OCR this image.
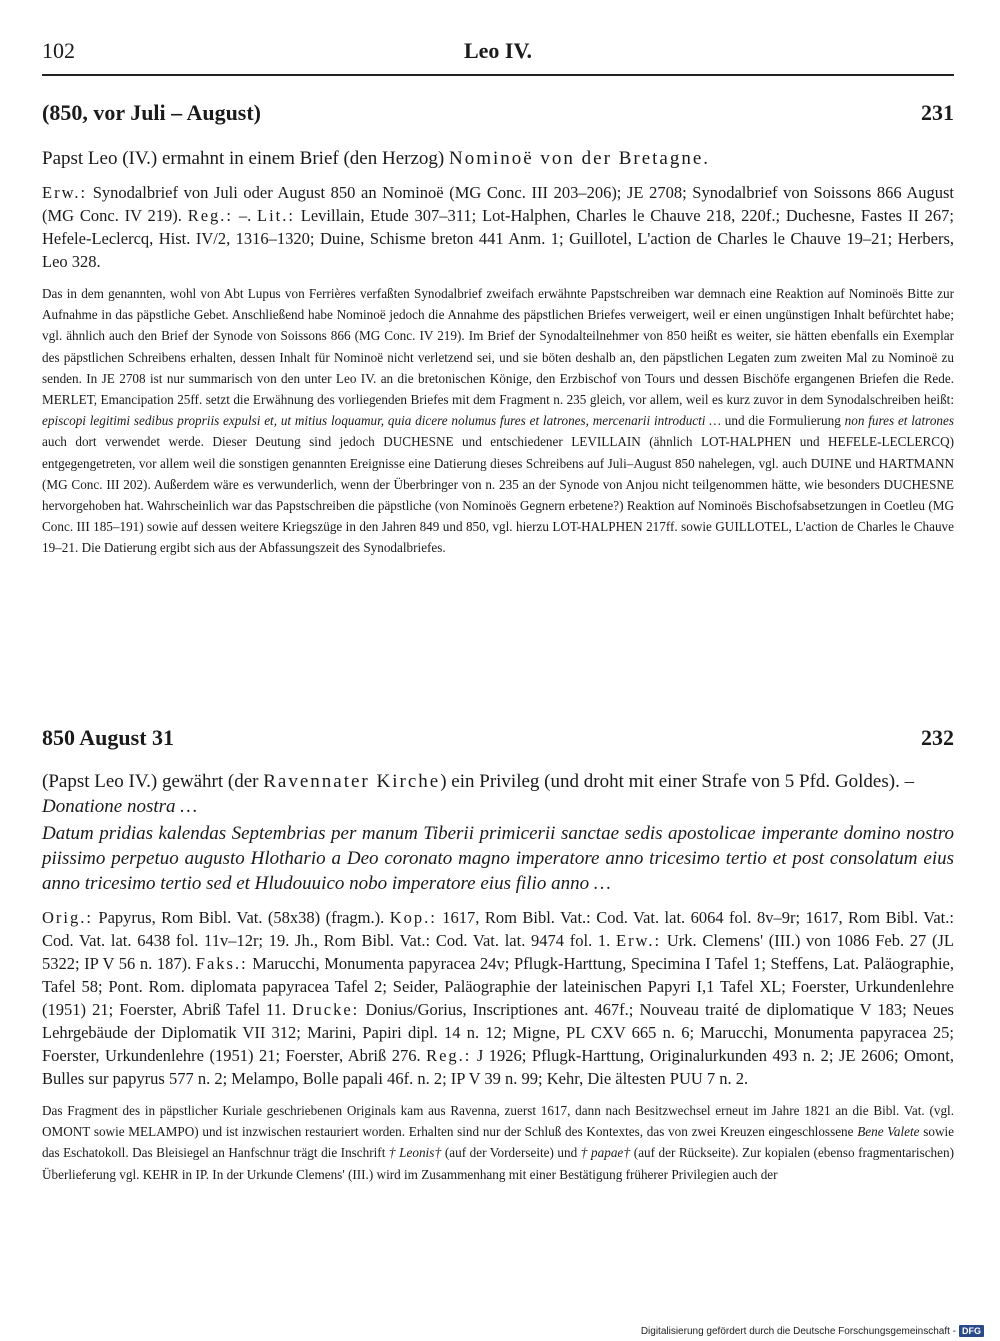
102	Leo IV.
(850, vor Juli – August)	231

Papst Leo (IV.) ermahnt in einem Brief (den Herzog) Nominoë von der Bretagne.

Erw.: Synodalbrief von Juli oder August 850 an Nominoë (MG Conc. III 203–206); JE 2708; Synodalbrief von Soissons 866 August (MG Conc. IV 219). Reg.: –. Lit.: Levillain, Etude 307–311; Lot-Halphen, Charles le Chauve 218, 220f.; Duchesne, Fastes II 267; Hefele-Leclercq, Hist. IV/2, 1316–1320; Duine, Schisme breton 441 Anm. 1; Guillotel, L'action de Charles le Chauve 19–21; Herbers, Leo 328.

Das in dem genannten, wohl von Abt Lupus von Ferrières verfaßten Synodalbrief zweifach erwähnte Papstschreiben war demnach eine Reaktion auf Nominoës Bitte zur Aufnahme in das päpstliche Gebet. Anschließend habe Nominoë jedoch die Annahme des päpstlichen Briefes verweigert, weil er einen ungünstigen Inhalt befürchtet habe; vgl. ähnlich auch den Brief der Synode von Soissons 866 (MG Conc. IV 219). Im Brief der Synodalteilnehmer von 850 heißt es weiter, sie hätten ebenfalls ein Exemplar des päpstlichen Schreibens erhalten, dessen Inhalt für Nominoë nicht verletzend sei, und sie böten deshalb an, den päpstlichen Legaten zum zweiten Mal zu Nominoë zu senden. In JE 2708 ist nur summarisch von den unter Leo IV. an die bretonischen Könige, den Erzbischof von Tours und dessen Bischöfe ergangenen Briefen die Rede. MERLET, Emancipation 25ff. setzt die Erwähnung des vorliegenden Briefes mit dem Fragment n. 235 gleich, vor allem, weil es kurz zuvor in dem Synodalschreiben heißt: episcopi legitimi sedibus propriis expulsi et, ut mitius loquamur, quia dicere nolumus fures et latrones, mercenarii introducti … und die Formulierung non fures et latrones auch dort verwendet werde. Dieser Deutung sind jedoch DUCHESNE und entschiedener LEVILLAIN (ähnlich LOT-HALPHEN und HEFELE-LECLERCQ) entgegengetreten, vor allem weil die sonstigen genannten Ereignisse eine Datierung dieses Schreibens auf Juli–August 850 nahelegen, vgl. auch DUINE und HARTMANN (MG Conc. III 202). Außerdem wäre es verwunderlich, wenn der Überbringer von n. 235 an der Synode von Anjou nicht teilgenommen hätte, wie besonders DUCHESNE hervorgehoben hat. Wahrscheinlich war das Papstschreiben die päpstliche (von Nominoës Gegnern erbetene?) Reaktion auf Nominoës Bischofsabsetzungen in Coetleu (MG Conc. III 185–191) sowie auf dessen weitere Kriegszüge in den Jahren 849 und 850, vgl. hierzu LOT-HALPHEN 217ff. sowie GUILLOTEL, L'action de Charles le Chauve 19–21. Die Datierung ergibt sich aus der Abfassungszeit des Synodalbriefes.

850 August 31	232

(Papst Leo IV.) gewährt (der Ravennater Kirche) ein Privileg (und droht mit einer Strafe von 5 Pfd. Goldes). – Donatione nostra …

Datum pridias kalendas Septembrias per manum Tiberii primicerii sanctae sedis apostolicae imperante domino nostro piissimo perpetuo augusto Hlothario a Deo coronato magno imperatore anno tricesimo tertio et post consolatum eius anno tricesimo tertio sed et Hludouuico nobo imperatore eius filio anno …

Orig.: Papyrus, Rom Bibl. Vat. (58x38) (fragm.). Kop.: 1617, Rom Bibl. Vat.: Cod. Vat. lat. 6064 fol. 8v–9r; 1617, Rom Bibl. Vat.: Cod. Vat. lat. 6438 fol. 11v–12r; 19. Jh., Rom Bibl. Vat.: Cod. Vat. lat. 9474 fol. 1. Erw.: Urk. Clemens' (III.) von 1086 Feb. 27 (JL 5322; IP V 56 n. 187). Faks.: Marucchi, Monumenta papyracea 24v; Pflugk-Harttung, Specimina I Tafel 1; Steffens, Lat. Paläographie, Tafel 58; Pont. Rom. diplomata papyracea Tafel 2; Seider, Paläographie der lateinischen Papyri I,1 Tafel XL; Foerster, Urkundenlehre (1951) 21; Foerster, Abriß Tafel 11. Drucke: Donius/Gorius, Inscriptiones ant. 467f.; Nouveau traité de diplomatique V 183; Neues Lehrgebäude der Diplomatik VII 312; Marini, Papiri dipl. 14 n. 12; Migne, PL CXV 665 n. 6; Marucchi, Monumenta papyracea 25; Foerster, Urkundenlehre (1951) 21; Foerster, Abriß 276. Reg.: J 1926; Pflugk-Harttung, Originalurkunden 493 n. 2; JE 2606; Omont, Bulles sur papyrus 577 n. 2; Melampo, Bolle papali 46f. n. 2; IP V 39 n. 99; Kehr, Die ältesten PUU 7 n. 2.

Das Fragment des in päpstlicher Kuriale geschriebenen Originals kam aus Ravenna, zuerst 1617, dann nach Besitzwechsel erneut im Jahre 1821 an die Bibl. Vat. (vgl. OMONT sowie MELAMPO) und ist inzwischen restauriert worden. Erhalten sind nur der Schluß des Kontextes, das von zwei Kreuzen eingeschlossene Bene Valete sowie das Eschatokoll. Das Bleisiegel an Hanfschnur trägt die Inschrift † Leonis† (auf der Vorderseite) und † papae† (auf der Rückseite). Zur kopialen (ebenso fragmentarischen) Überlieferung vgl. KEHR in IP. In der Urkunde Clemens' (III.) wird im Zusammenhang mit einer Bestätigung früherer Privilegien auch der

Digitalisierung gefördert durch die Deutsche Forschungsgemeinschaft - DFG
